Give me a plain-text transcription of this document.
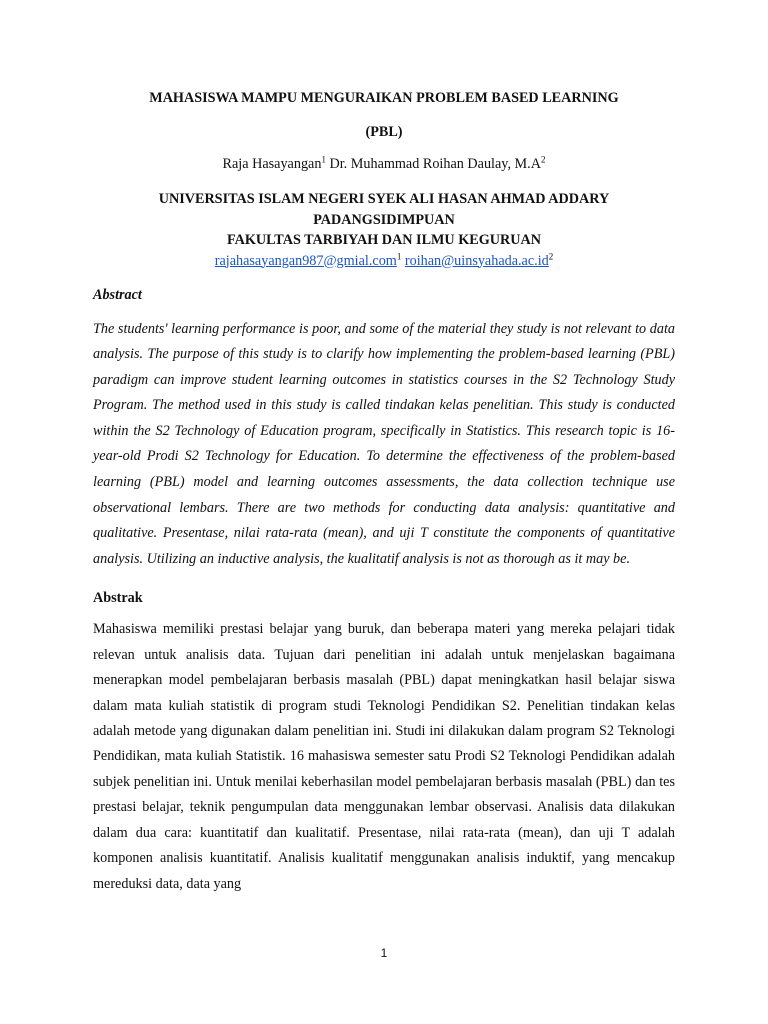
MAHASISWA MAMPU MENGURAIKAN PROBLEM BASED LEARNING
(PBL)
Raja Hasayangan$^1$ Dr. Muhammad Roihan Daulay, $M.A^2$
UNIVERSITAS ISLAM NEGERI SYEK ALI HASAN AHMAD ADDARY
PADANGSIDIMPUAN
FAKULTAS TARBIYAH DAN ILMU KEGURUAN
rajahasayangan987@gmial.com$^1$ $roihan@uinsyahada.ac.id^2$
Abstract
The students' learning performance is poor, and some of the material they study is not relevant to data analysis. The purpose of this study is to clarify how implementing the problem-based learning (PBL) paradigm can improve student learning outcomes in statistics courses in the S2 Technology Study Program. The method used in this study is called tindakan kelas penelitian. This study is conducted within the S2 Technology of Education program, specifically in Statistics. This research topic is 16-year-old Prodi S2 Technology for Education. To determine the effectiveness of the problem-based learning (PBL) model and learning outcomes assessments, the data collection technique use observational lembars. There are two methods for conducting data analysis: quantitative and qualitative. Presentase, nilai rata-rata (mean), and uji T constitute the components of quantitative analysis. Utilizing an inductive analysis, the kualitatif analysis is not as thorough as it may be.
Abstrak
Mahasiswa memiliki prestasi belajar yang buruk, dan beberapa materi yang mereka pelajari tidak relevan untuk analisis data. Tujuan dari penelitian ini adalah untuk menjelaskan bagaimana menerapkan model pembelajaran berbasis masalah (PBL) dapat meningkatkan hasil belajar siswa dalam mata kuliah statistik di program studi Teknologi Pendidikan S2. Penelitian tindakan kelas adalah metode yang digunakan dalam penelitian ini. Studi ini dilakukan dalam program S2 Teknologi Pendidikan, mata kuliah Statistik. 16 mahasiswa semester satu Prodi S2 Teknologi Pendidikan adalah subjek penelitian ini. Untuk menilai keberhasilan model pembelajaran berbasis masalah (PBL) dan tes prestasi belajar, teknik pengumpulan data menggunakan lembar observasi. Analisis data dilakukan dalam dua cara: kuantitatif dan kualitatif. Presentase, nilai rata-rata (mean), dan uji T adalah komponen analisis kuantitatif. Analisis kualitatif menggunakan analisis induktif, yang mencakup mereduksi data, data yang
1
